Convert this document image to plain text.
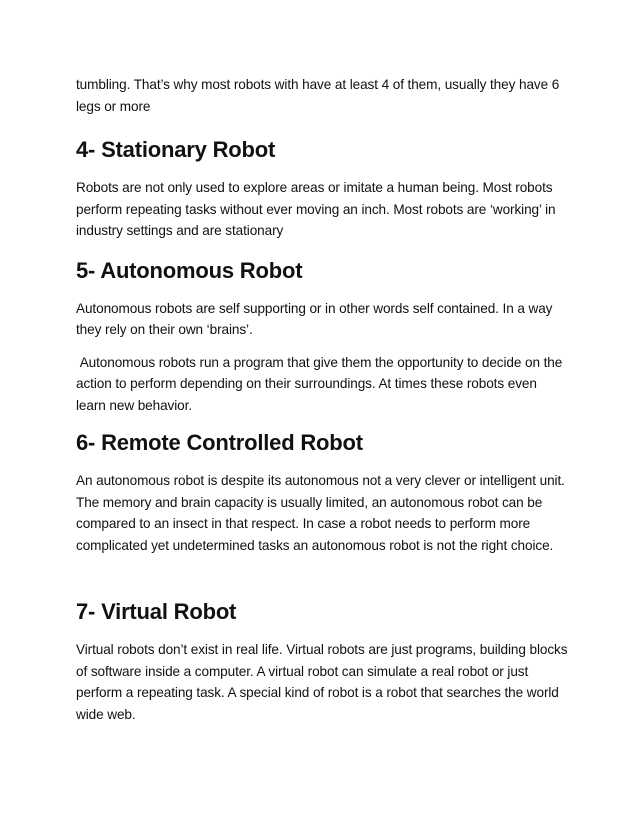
tumbling. That’s why most robots with have at least 4 of them, usually they have 6 legs or more

4- Stationary Robot

Robots are not only used to explore areas or imitate a human being. Most robots perform repeating tasks without ever moving an inch. Most robots are ‘working’ in industry settings and are stationary

5- Autonomous Robot

Autonomous robots are self supporting or in other words self contained. In a way they rely on their own ‘brains’.

Autonomous robots run a program that give them the opportunity to decide on the action to perform depending on their surroundings. At times these robots even learn new behavior.

6- Remote Controlled Robot

An autonomous robot is despite its autonomous not a very clever or intelligent unit. The memory and brain capacity is usually limited, an autonomous robot can be compared to an insect in that respect. In case a robot needs to perform more complicated yet undetermined tasks an autonomous robot is not the right choice.

7- Virtual Robot

Virtual robots don’t exist in real life. Virtual robots are just programs, building blocks of software inside a computer. A virtual robot can simulate a real robot or just perform a repeating task. A special kind of robot is a robot that searches the world wide web.
